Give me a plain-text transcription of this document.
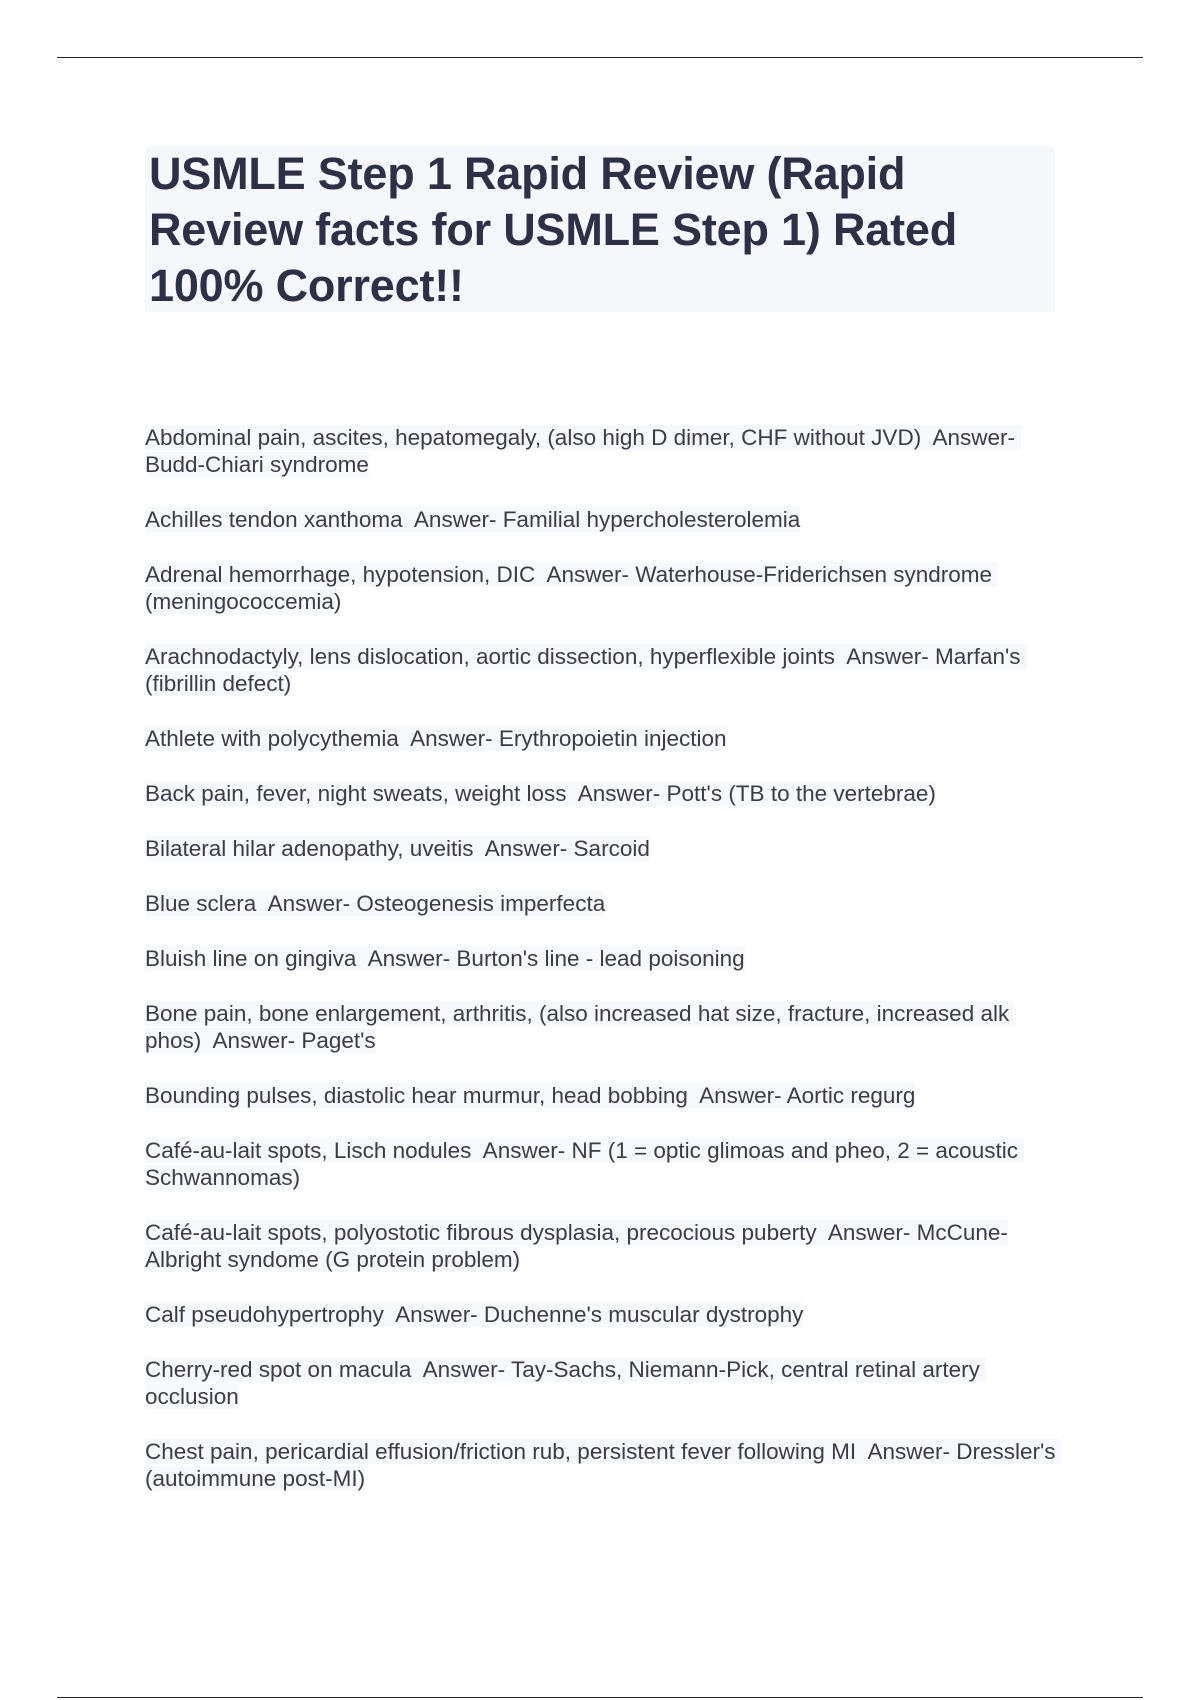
USMLE Step 1 Rapid Review (Rapid Review facts for USMLE Step 1) Rated 100% Correct!!
Abdominal pain, ascites, hepatomegaly, (also high D dimer, CHF without JVD)  Answer- Budd-Chiari syndrome
Achilles tendon xanthoma  Answer- Familial hypercholesterolemia
Adrenal hemorrhage, hypotension, DIC  Answer- Waterhouse-Friderichsen syndrome (meningococcemia)
Arachnodactyly, lens dislocation, aortic dissection, hyperflexible joints  Answer- Marfan's (fibrillin defect)
Athlete with polycythemia  Answer- Erythropoietin injection
Back pain, fever, night sweats, weight loss  Answer- Pott's (TB to the vertebrae)
Bilateral hilar adenopathy, uveitis  Answer- Sarcoid
Blue sclera  Answer- Osteogenesis imperfecta
Bluish line on gingiva  Answer- Burton's line - lead poisoning
Bone pain, bone enlargement, arthritis, (also increased hat size, fracture, increased alk phos)  Answer- Paget's
Bounding pulses, diastolic hear murmur, head bobbing  Answer- Aortic regurg
Café-au-lait spots, Lisch nodules  Answer- NF (1 = optic glimoas and pheo, 2 = acoustic Schwannomas)
Café-au-lait spots, polyostotic fibrous dysplasia, precocious puberty  Answer- McCune-Albright syndome (G protein problem)
Calf pseudohypertrophy  Answer- Duchenne's muscular dystrophy
Cherry-red spot on macula  Answer- Tay-Sachs, Niemann-Pick, central retinal artery occlusion
Chest pain, pericardial effusion/friction rub, persistent fever following MI  Answer- Dressler's (autoimmune post-MI)
